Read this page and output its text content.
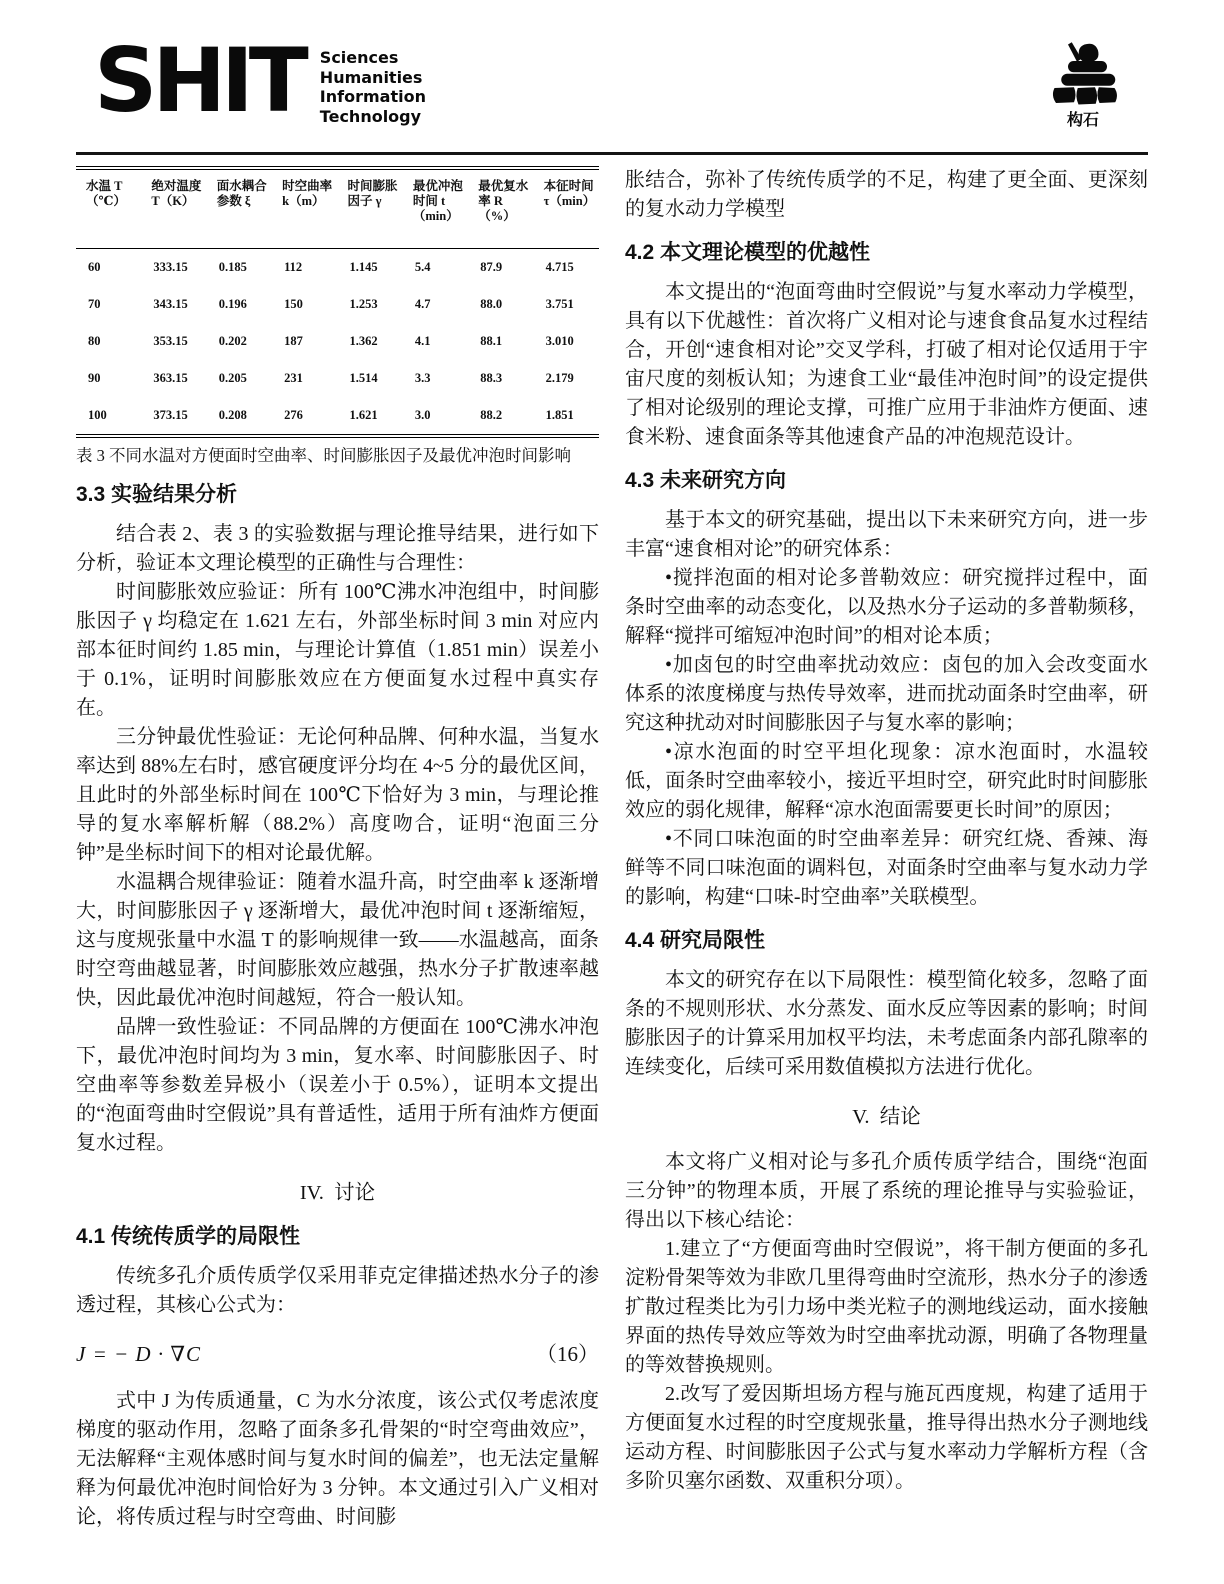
SHIT Sciences
Humanities
Information
Technology	构石
水温 T（℃）	绝对温度 T（K）	面水耦合参数 ξ	时空曲率 k（m）	时间膨胀因子 γ	最优冲泡时间 t（min）	最优复水率 R（%）	本征时间 τ（min）
60	333.15	0.185	112	1.145	5.4	87.9	4.715
70	343.15	0.196	150	1.253	4.7	88.0	3.751
80	353.15	0.202	187	1.362	4.1	88.1	3.010
90	363.15	0.205	231	1.514	3.3	88.3	2.179
100	373.15	0.208	276	1.621	3.0	88.2	1.851
表 3 不同水温对方便面时空曲率、时间膨胀因子及最优冲泡时间影响
3.3 实验结果分析

结合表 2、表 3 的实验数据与理论推导结果，进行如下分析，验证本文理论模型的正确性与合理性：

时间膨胀效应验证：所有 100℃沸水冲泡组中，时间膨胀因子 γ 均稳定在 1.621 左右，外部坐标时间 3 min 对应内部本征时间约 1.85 min，与理论计算值（1.851 min）误差小于 0.1%，证明时间膨胀效应在方便面复水过程中真实存在。

三分钟最优性验证：无论何种品牌、何种水温，当复水率达到 88%左右时，感官硬度评分均在 4~5 分的最优区间，且此时的外部坐标时间在 100℃下恰好为 3 min，与理论推导的复水率解析解（88.2%）高度吻合，证明“泡面三分钟”是坐标时间下的相对论最优解。

水温耦合规律验证：随着水温升高，时空曲率 k 逐渐增大，时间膨胀因子 γ 逐渐增大，最优冲泡时间 t 逐渐缩短，这与度规张量中水温 T 的影响规律一致——水温越高，面条时空弯曲越显著，时间膨胀效应越强，热水分子扩散速率越快，因此最优冲泡时间越短，符合一般认知。

品牌一致性验证：不同品牌的方便面在 100℃沸水冲泡下，最优冲泡时间均为 3 min，复水率、时间膨胀因子、时空曲率等参数差异极小（误差小于 0.5%），证明本文提出的“泡面弯曲时空假说”具有普适性，适用于所有油炸方便面复水过程。

IV. 讨论
4.1 传统传质学的局限性

传统多孔介质传质学仅采用菲克定律描述热水分子的渗透过程，其核心公式为：

J = − D · ∇C	（16）

式中 J 为传质通量，C 为水分浓度，该公式仅考虑浓度梯度的驱动作用，忽略了面条多孔骨架的“时空弯曲效应”，无法解释“主观体感时间与复水时间的偏差”，也无法定量解释为何最优冲泡时间恰好为 3 分钟。本文通过引入广义相对论，将传质过程与时空弯曲、时间膨

胀结合，弥补了传统传质学的不足，构建了更全面、更深刻的复水动力学模型

4.2 本文理论模型的优越性

本文提出的“泡面弯曲时空假说”与复水率动力学模型，具有以下优越性：首次将广义相对论与速食食品复水过程结合，开创“速食相对论”交叉学科，打破了相对论仅适用于宇宙尺度的刻板认知；为速食工业“最佳冲泡时间”的设定提供了相对论级别的理论支撑，可推广应用于非油炸方便面、速食米粉、速食面条等其他速食产品的冲泡规范设计。

4.3 未来研究方向

基于本文的研究基础，提出以下未来研究方向，进一步丰富“速食相对论”的研究体系：

•搅拌泡面的相对论多普勒效应：研究搅拌过程中，面条时空曲率的动态变化，以及热水分子运动的多普勒频移，解释“搅拌可缩短冲泡时间”的相对论本质；

•加卤包的时空曲率扰动效应：卤包的加入会改变面水体系的浓度梯度与热传导效率，进而扰动面条时空曲率，研究这种扰动对时间膨胀因子与复水率的影响；

•凉水泡面的时空平坦化现象：凉水泡面时，水温较低，面条时空曲率较小，接近平坦时空，研究此时时间膨胀效应的弱化规律，解释“凉水泡面需要更长时间”的原因；

•不同口味泡面的时空曲率差异：研究红烧、香辣、海鲜等不同口味泡面的调料包，对面条时空曲率与复水动力学的影响，构建“口味-时空曲率”关联模型。

4.4 研究局限性

本文的研究存在以下局限性：模型简化较多，忽略了面条的不规则形状、水分蒸发、面水反应等因素的影响；时间膨胀因子的计算采用加权平均法，未考虑面条内部孔隙率的连续变化，后续可采用数值模拟方法进行优化。

V. 结论

本文将广义相对论与多孔介质传质学结合，围绕“泡面三分钟”的物理本质，开展了系统的理论推导与实验验证，得出以下核心结论：

1.建立了“方便面弯曲时空假说”，将干制方便面的多孔淀粉骨架等效为非欧几里得弯曲时空流形，热水分子的渗透扩散过程类比为引力场中类光粒子的测地线运动，面水接触界面的热传导效应等效为时空曲率扰动源，明确了各物理量的等效替换规则。

2.改写了爱因斯坦场方程与施瓦西度规，构建了适用于方便面复水过程的时空度规张量，推导得出热水分子测地线运动方程、时间膨胀因子公式与复水率动力学解析方程（含多阶贝塞尔函数、双重积分项）。
